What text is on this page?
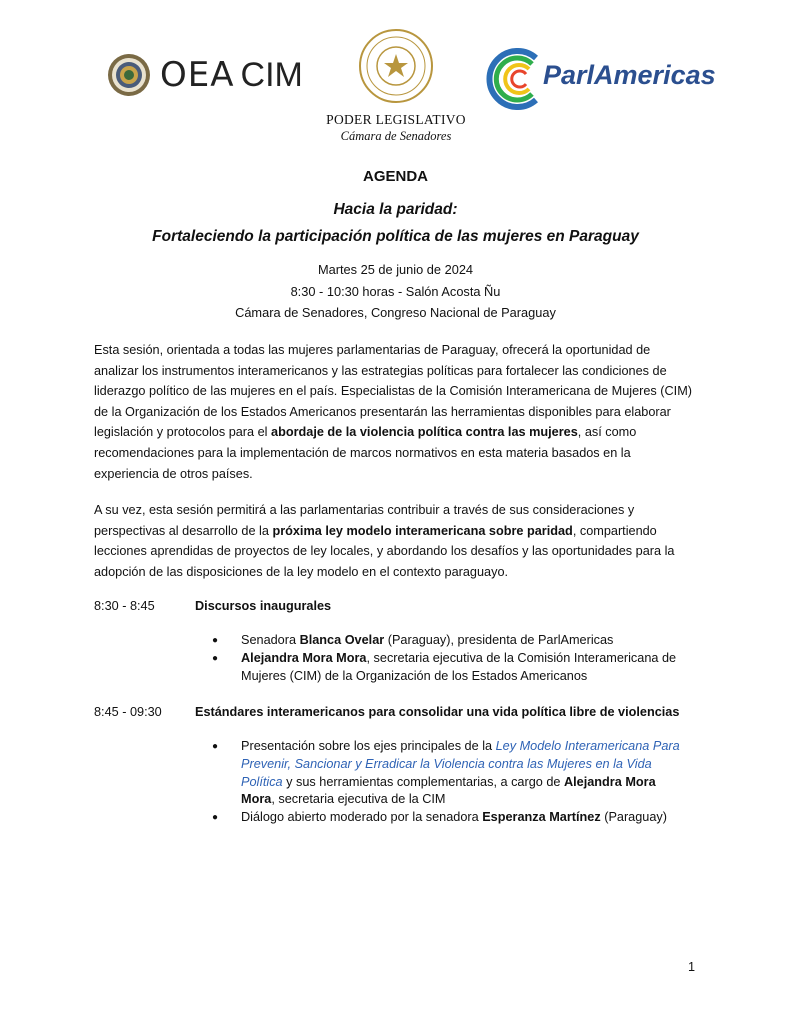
OEA CIM
PODER LEGISLATIVO
Cámara de Senadores
ParlAmericas
AGENDA
Hacia la paridad:
Fortaleciendo la participación política de las mujeres en Paraguay
Martes 25 de junio de 2024
8:30 - 10:30 horas - Salón Acosta Ñu
Cámara de Senadores, Congreso Nacional de Paraguay
Esta sesión, orientada a todas las mujeres parlamentarias de Paraguay, ofrecerá la oportunidad de analizar los instrumentos interamericanos y las estrategias políticas para fortalecer las condiciones de liderazgo político de las mujeres en el país. Especialistas de la Comisión Interamericana de Mujeres (CIM) de la Organización de los Estados Americanos presentarán las herramientas disponibles para elaborar legislación y protocolos para el abordaje de la violencia política contra las mujeres, así como recomendaciones para la implementación de marcos normativos en esta materia basados en la experiencia de otros países.
A su vez, esta sesión permitirá a las parlamentarias contribuir a través de sus consideraciones y perspectivas al desarrollo de la próxima ley modelo interamericana sobre paridad, compartiendo lecciones aprendidas de proyectos de ley locales, y abordando los desafíos y las oportunidades para la adopción de las disposiciones de la ley modelo en el contexto paraguayo.
8:30 - 8:45	Discursos inaugurales
● Senadora Blanca Ovelar (Paraguay), presidenta de ParlAmericas
● Alejandra Mora Mora, secretaria ejecutiva de la Comisión Interamericana de Mujeres (CIM) de la Organización de los Estados Americanos
8:45 - 09:30	Estándares interamericanos para consolidar una vida política libre de violencias
● Presentación sobre los ejes principales de la Ley Modelo Interamericana Para Prevenir, Sancionar y Erradicar la Violencia contra las Mujeres en la Vida Política y sus herramientas complementarias, a cargo de Alejandra Mora Mora, secretaria ejecutiva de la CIM
● Diálogo abierto moderado por la senadora Esperanza Martínez (Paraguay)
1
